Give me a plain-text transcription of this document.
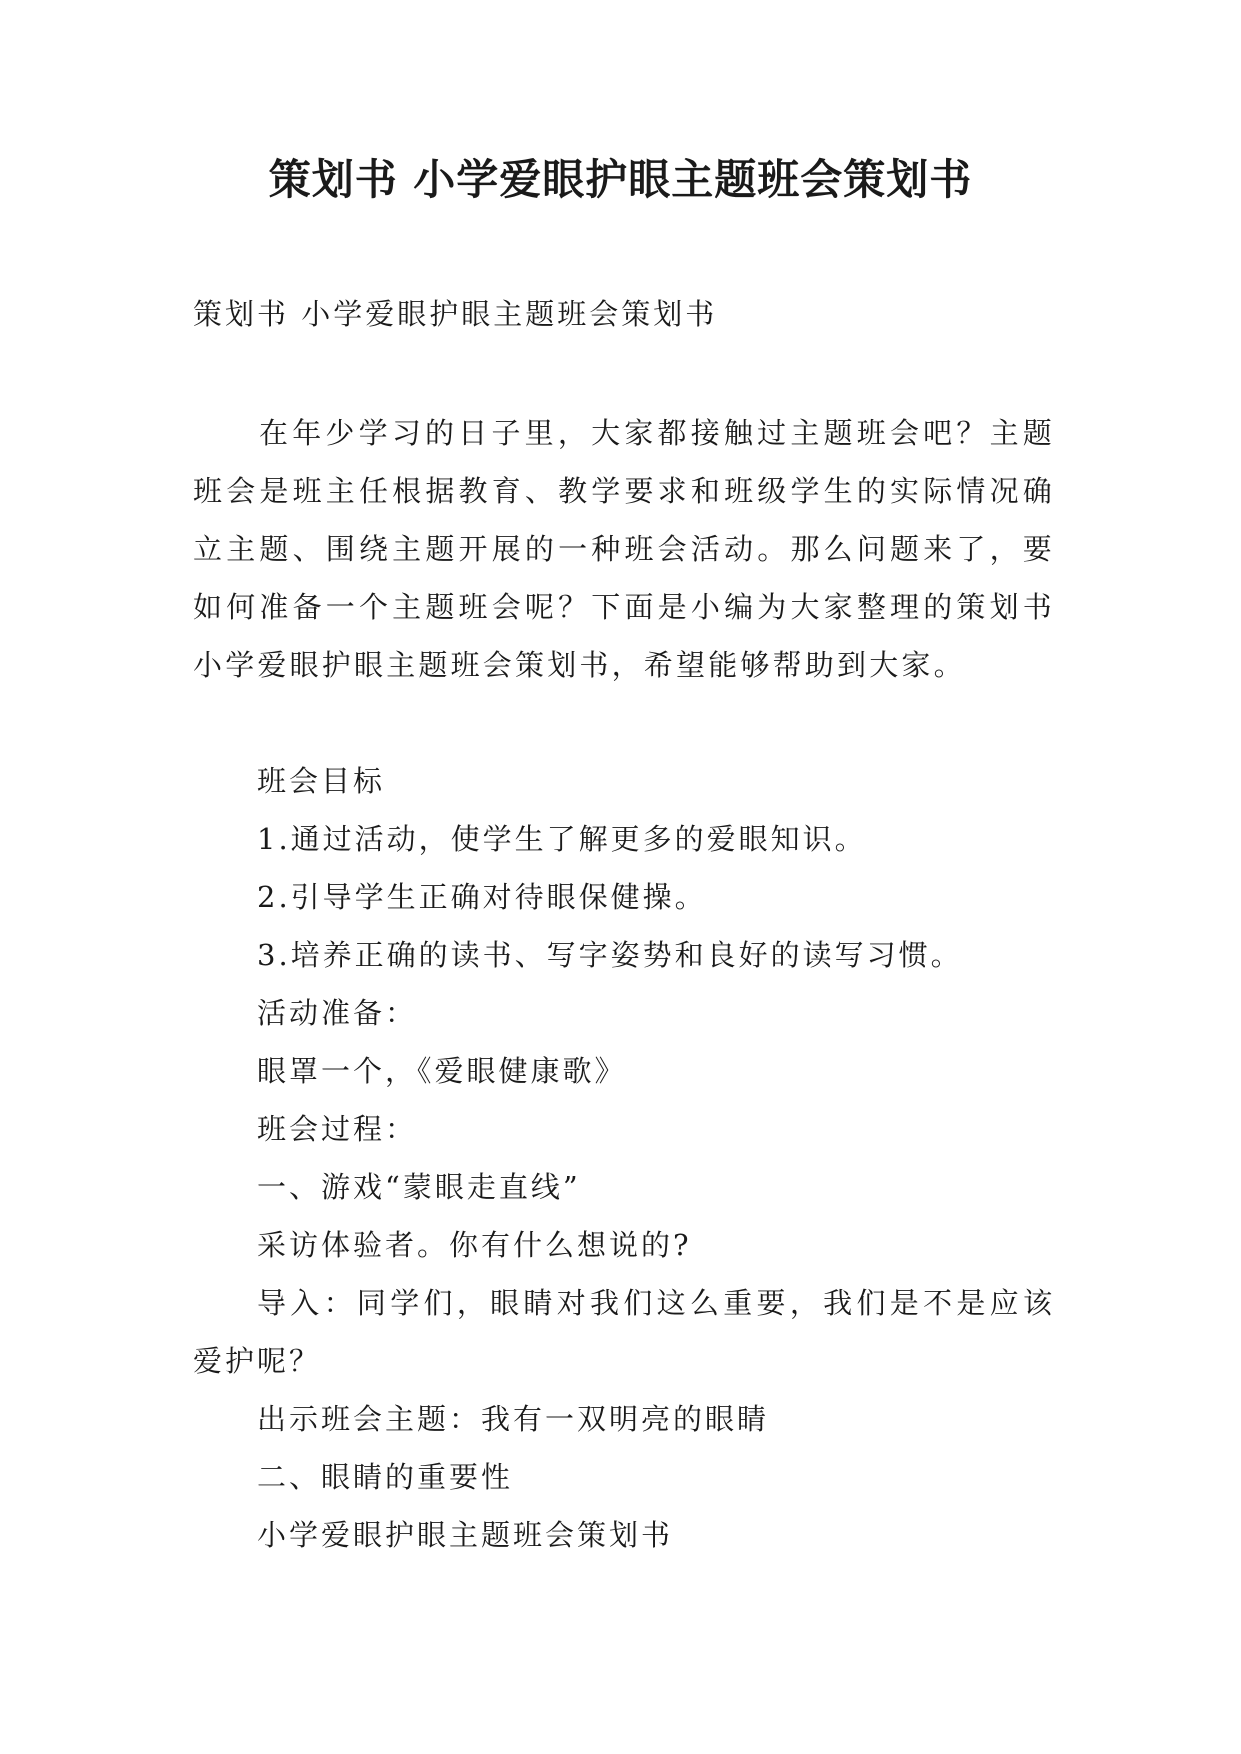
策划书 小学爱眼护眼主题班会策划书

策划书 小学爱眼护眼主题班会策划书

在年少学习的日子里，大家都接触过主题班会吧？主题班会是班主任根据教育、教学要求和班级学生的实际情况确立主题、围绕主题开展的一种班会活动。那么问题来了，要如何准备一个主题班会呢？下面是小编为大家整理的策划书 小学爱眼护眼主题班会策划书，希望能够帮助到大家。

班会目标

1.通过活动，使学生了解更多的爱眼知识。

2.引导学生正确对待眼保健操。

3.培养正确的读书、写字姿势和良好的读写习惯。

活动准备：

眼罩一个，《爱眼健康歌》

班会过程：

一、游戏“蒙眼走直线”

采访体验者。你有什么想说的?

导入：同学们，眼睛对我们这么重要，我们是不是应该爱护呢？

出示班会主题：我有一双明亮的眼睛

二、眼睛的重要性

小学爱眼护眼主题班会策划书
